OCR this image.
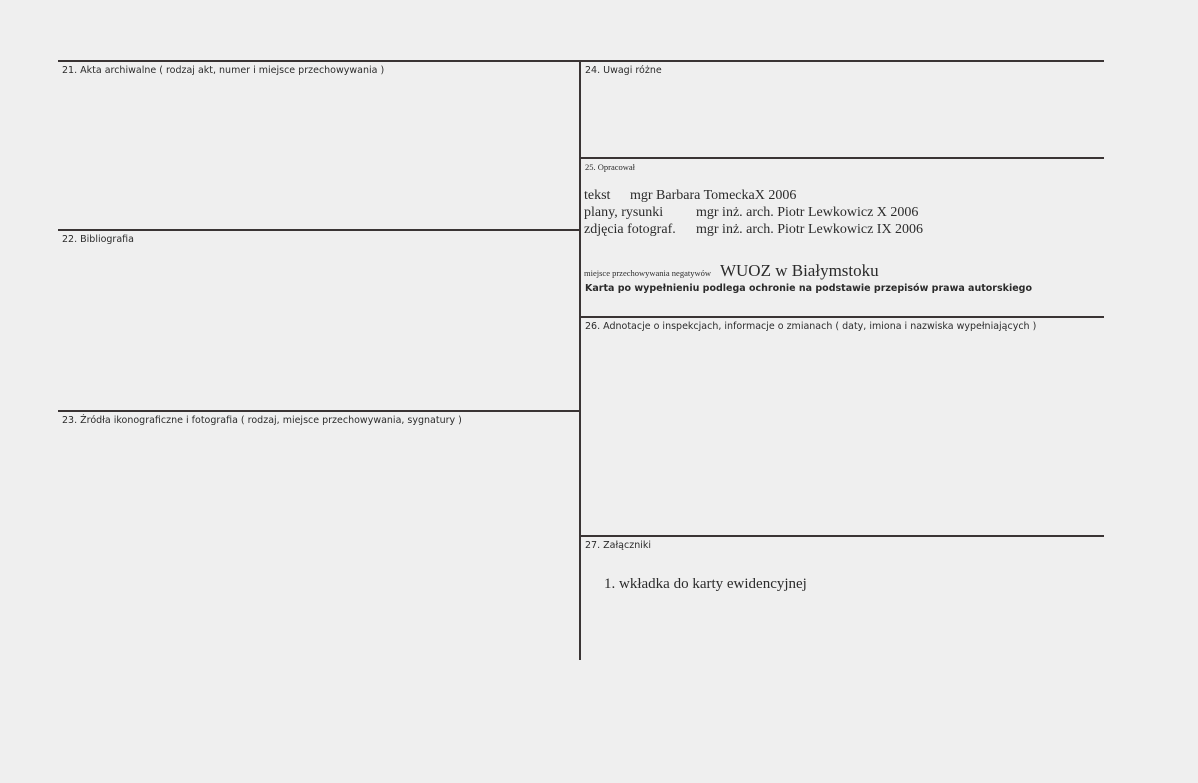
21. Akta archiwalne ( rodzaj akt, numer i miejsce przechowywania )
22. Bibliografia
23. Źródła ikonograficzne i fotografia ( rodzaj, miejsce przechowywania, sygnatury )
24. Uwagi różne
25. Opracował
tekst	mgr Barbara TomeckaX 2006
plany, rysunki	mgr inż. arch. Piotr Lewkowicz X 2006
zdjęcia fotograf.	mgr inż. arch. Piotr Lewkowicz IX 2006
miejsce przechowywania negatywów WUOZ w Białymstoku
Karta po wypełnieniu podlega ochronie na podstawie przepisów prawa autorskiego
26. Adnotacje o inspekcjach, informacje o zmianach ( daty, imiona i nazwiska wypełniających )
27. Załączniki
1. wkładka do karty ewidencyjnej
